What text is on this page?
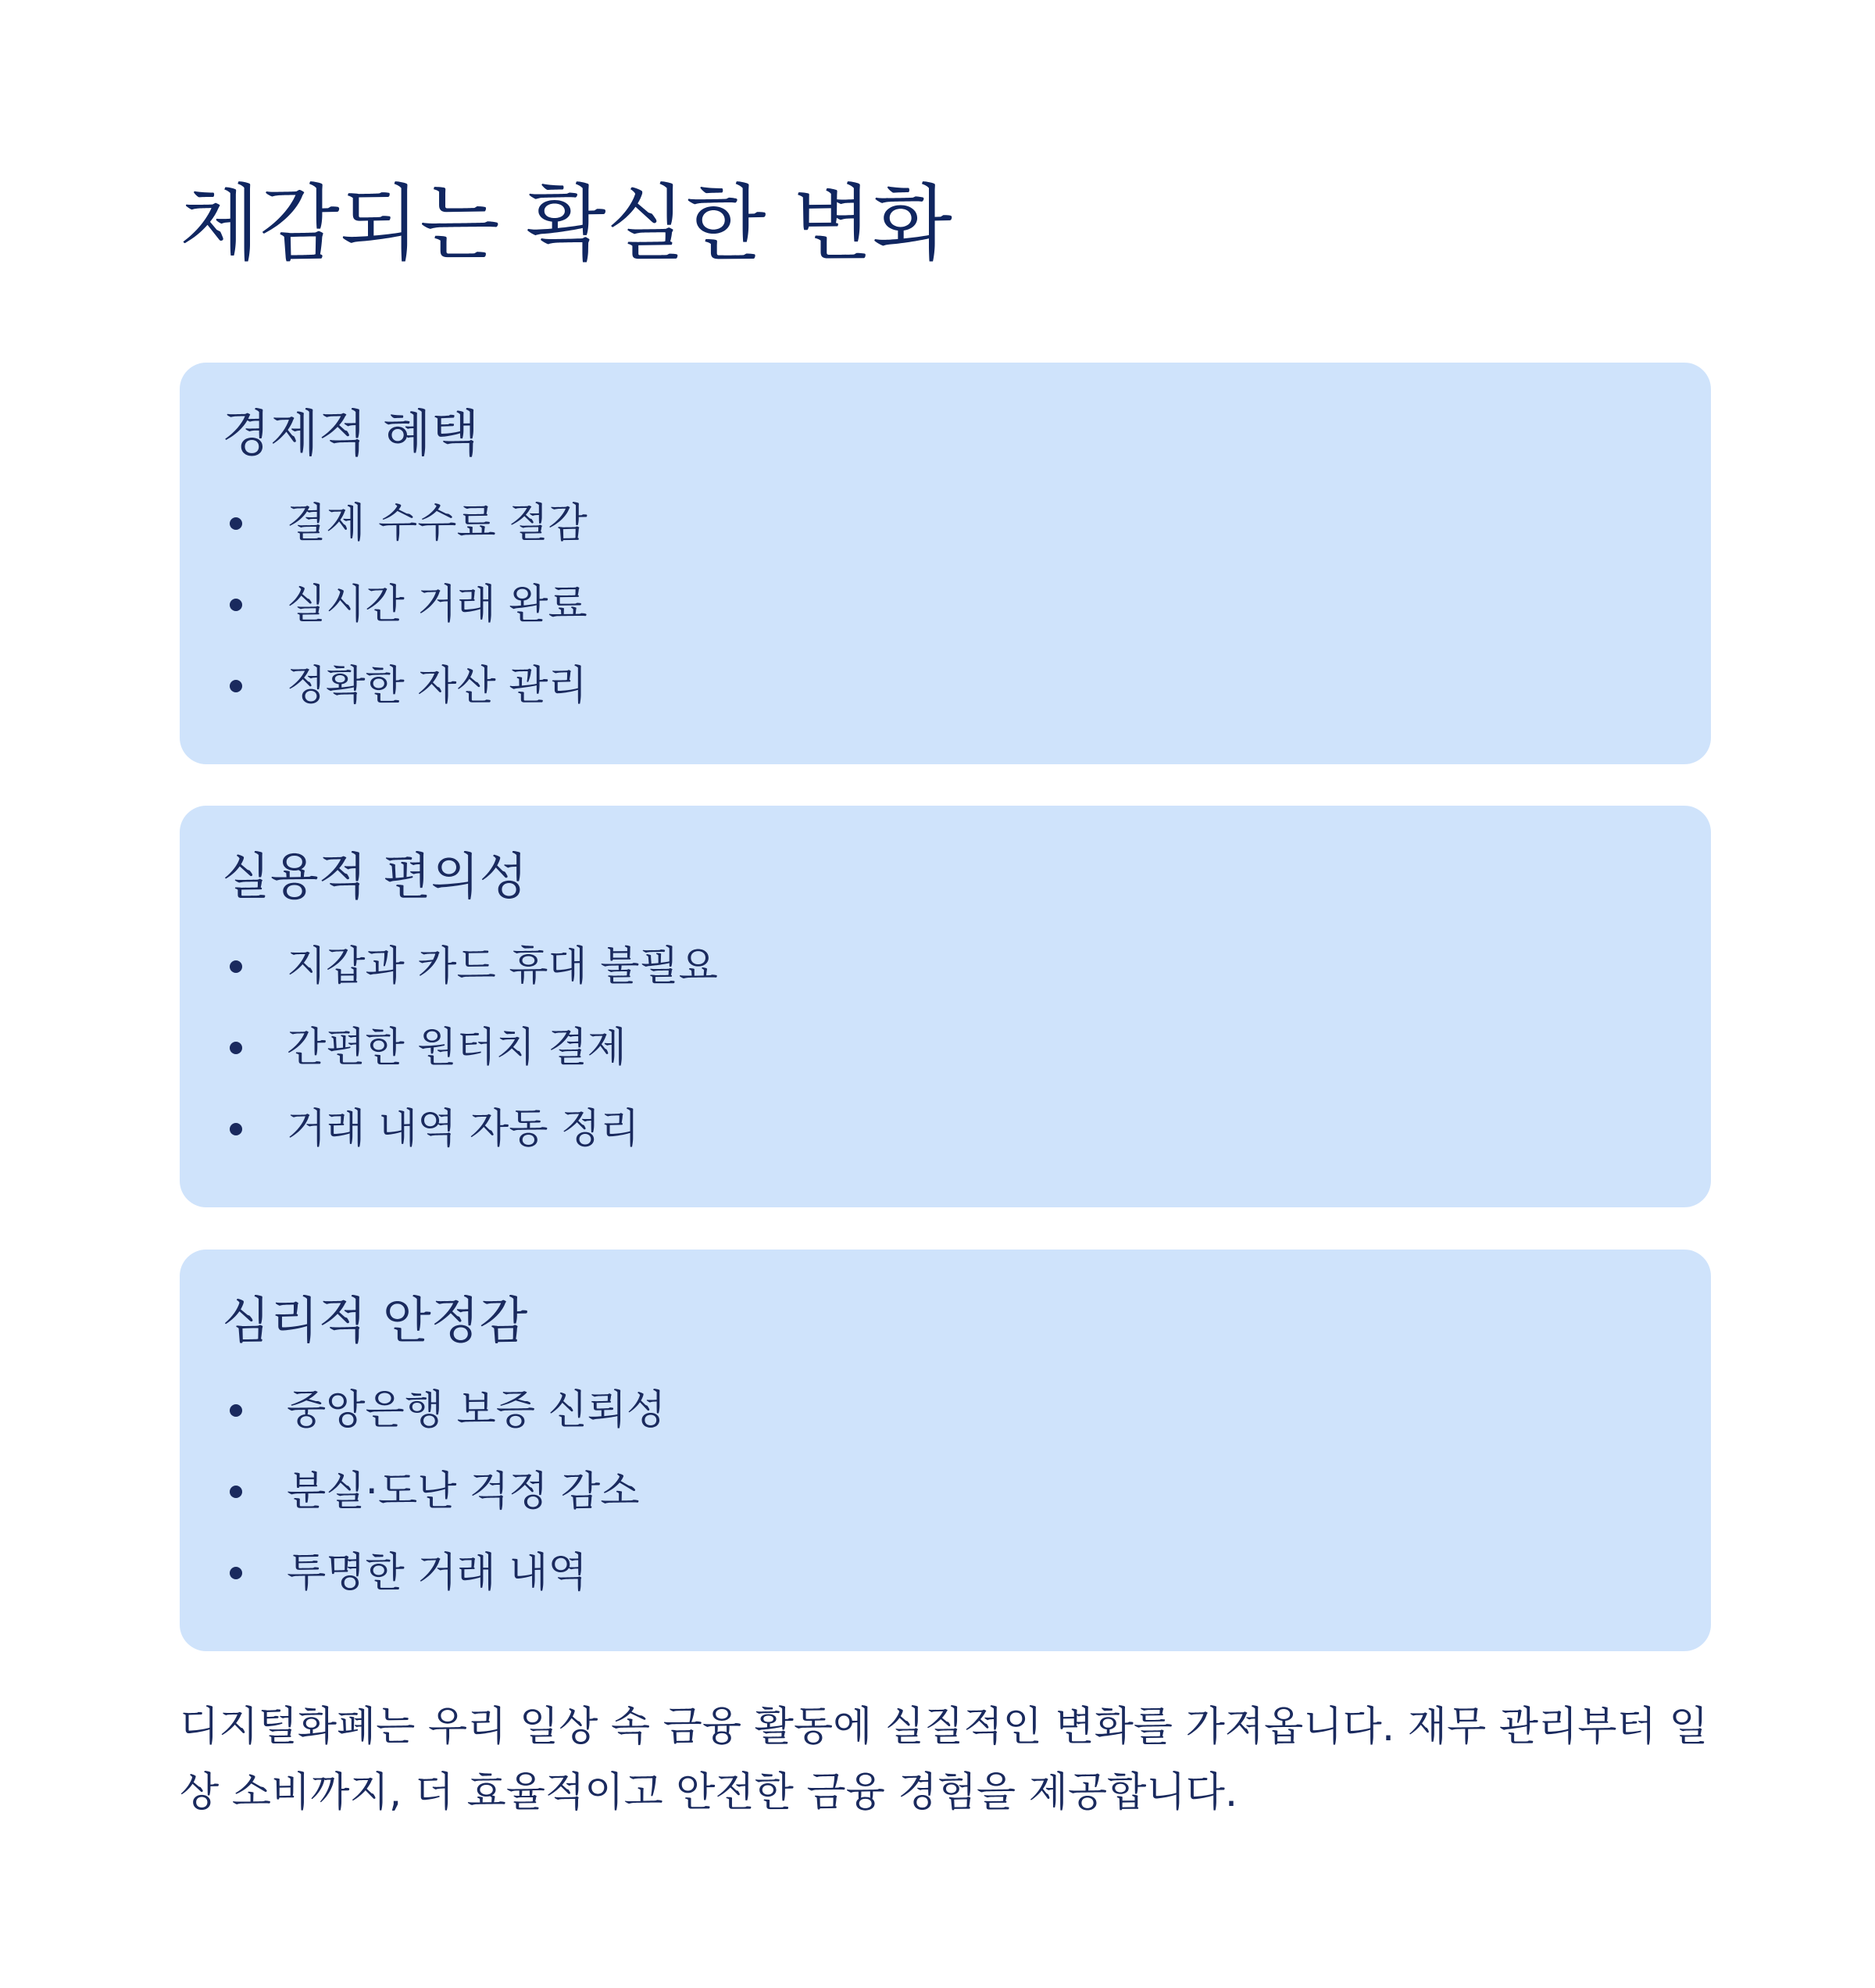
체감되는 확실한 변화
경제적 혜택
결제 수수료 절감
실시간 거래 완료
정확한 자산 관리
실용적 편의성
지갑과 카드 휴대 불필요
간편한 원터치 결제
거래 내역 자동 정리
심리적 안정감
중앙은행 보증 신뢰성
분실·도난 걱정 감소
투명한 거래 내역

디지털화폐는 우리 일상 속 금융 활동에 실질적인 변화를 가져옵니다. 재무 관리부터 일상 소비까지, 더 효율적이고 안전한 금융 경험을 제공합니다.
